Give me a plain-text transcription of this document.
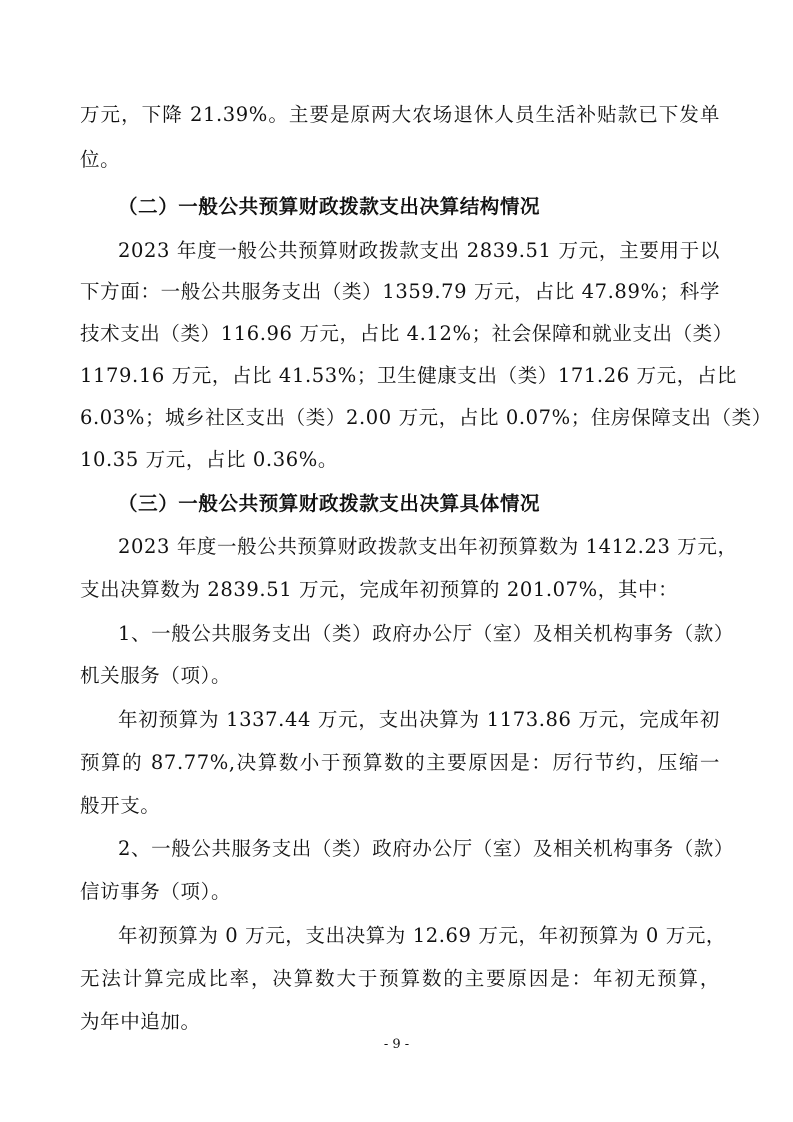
万元，下降 21.39%。主要是原两大农场退休人员生活补贴款已下发单
位。
（二）一般公共预算财政拨款支出决算结构情况
2023 年度一般公共预算财政拨款支出 2839.51 万元，主要用于以
下方面：一般公共服务支出（类）1359.79 万元，占比 47.89%；科学
技术支出（类）116.96 万元，占比 4.12%；社会保障和就业支出（类）
1179.16 万元，占比 41.53%；卫生健康支出（类）171.26 万元，占比
6.03%；城乡社区支出（类）2.00 万元，占比 0.07%；住房保障支出（类）
10.35 万元，占比 0.36%。
（三）一般公共预算财政拨款支出决算具体情况
2023 年度一般公共预算财政拨款支出年初预算数为 1412.23 万元，
支出决算数为 2839.51 万元，完成年初预算的 201.07%，其中：
1、一般公共服务支出（类）政府办公厅（室）及相关机构事务（款）
机关服务（项）。
年初预算为 1337.44 万元，支出决算为 1173.86 万元，完成年初
预算的 87.77%,决算数小于预算数的主要原因是：厉行节约，压缩一
般开支。
2、一般公共服务支出（类）政府办公厅（室）及相关机构事务（款）
信访事务（项）。
年初预算为 0 万元，支出决算为 12.69 万元，年初预算为 0 万元，
无法计算完成比率，决算数大于预算数的主要原因是：年初无预算，
为年中追加。
- 9 -
